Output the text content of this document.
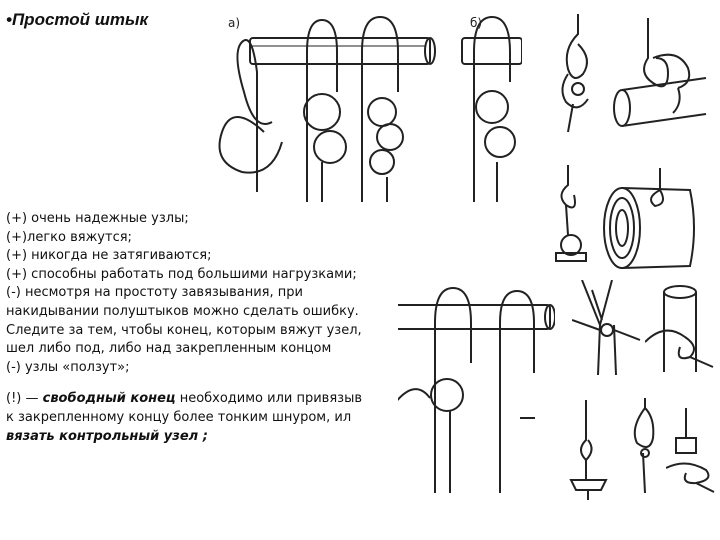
•Простой штык	а)	б)
(+) очень надежные узлы;
(+)легко вяжутся;
(+) никогда не затягиваются;
(+) способны работать под большими нагрузками;
(-) несмотря на простоту завязывания, при
накидывании полуштыков можно сделать ошибку.
Следите за тем, чтобы конец, которым вяжут узел,
шел либо под, либо над закрепленным концом
(-) узлы «ползут»;
(!) — свободный конец необходимо или привязыв
к закрепленному концу более тонким шнуром, ил
вязать контрольный узел ;
